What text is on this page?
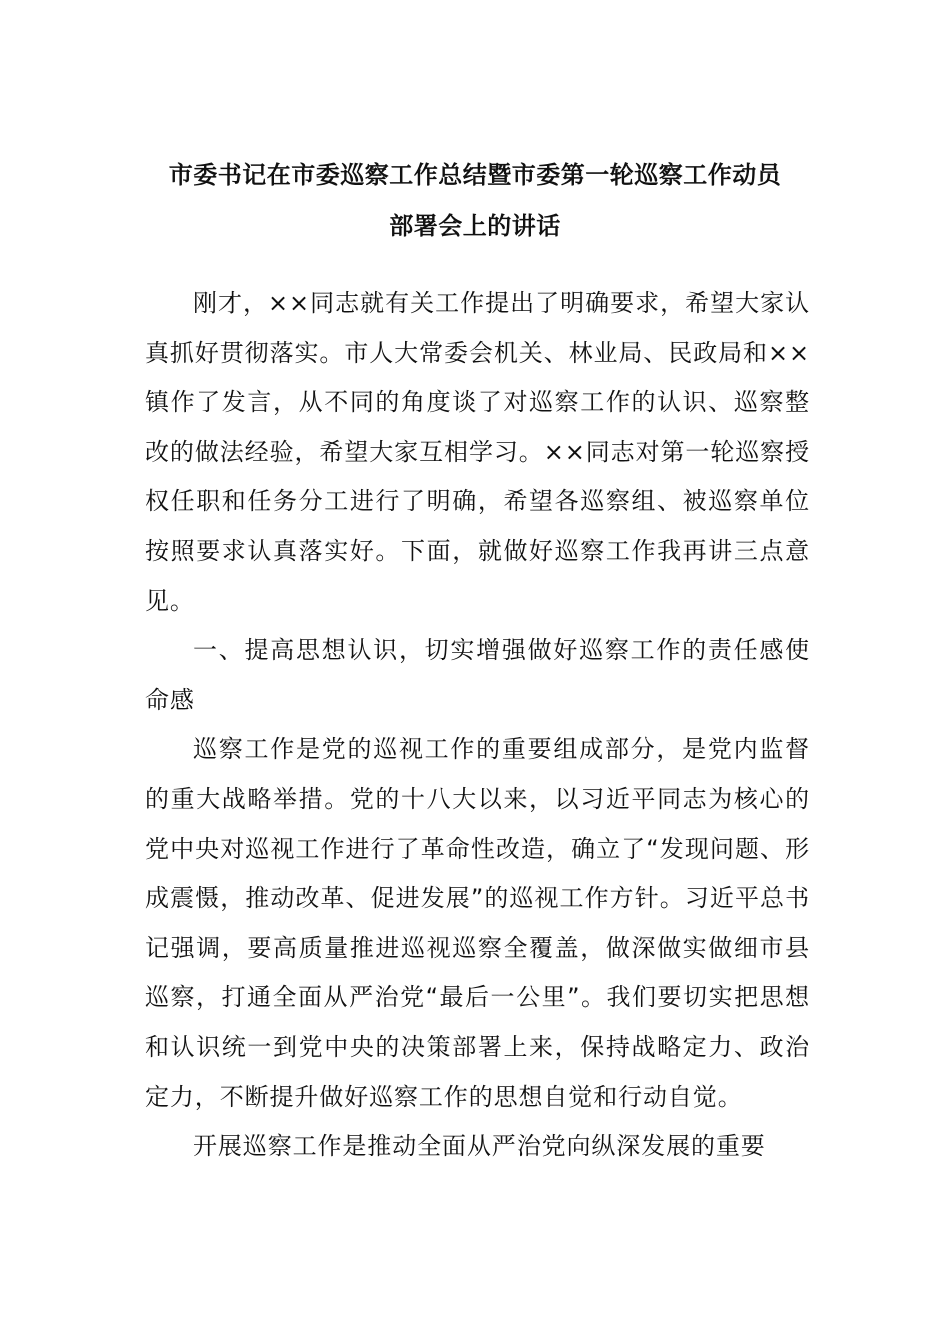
市委书记在市委巡察工作总结暨市委第一轮巡察工作动员
部署会上的讲话

刚才，××同志就有关工作提出了明确要求，希望大家认真抓好贯彻落实。市人大常委会机关、林业局、民政局和××镇作了发言，从不同的角度谈了对巡察工作的认识、巡察整改的做法经验，希望大家互相学习。××同志对第一轮巡察授权任职和任务分工进行了明确，希望各巡察组、被巡察单位按照要求认真落实好。下面，就做好巡察工作我再讲三点意见。

一、提高思想认识，切实增强做好巡察工作的责任感使命感

巡察工作是党的巡视工作的重要组成部分，是党内监督的重大战略举措。党的十八大以来，以习近平同志为核心的党中央对巡视工作进行了革命性改造，确立了“发现问题、形成震慑，推动改革、促进发展”的巡视工作方针。习近平总书记强调，要高质量推进巡视巡察全覆盖，做深做实做细市县巡察，打通全面从严治党“最后一公里”。我们要切实把思想和认识统一到党中央的决策部署上来，保持战略定力、政治定力，不断提升做好巡察工作的思想自觉和行动自觉。

开展巡察工作是推动全面从严治党向纵深发展的重要
